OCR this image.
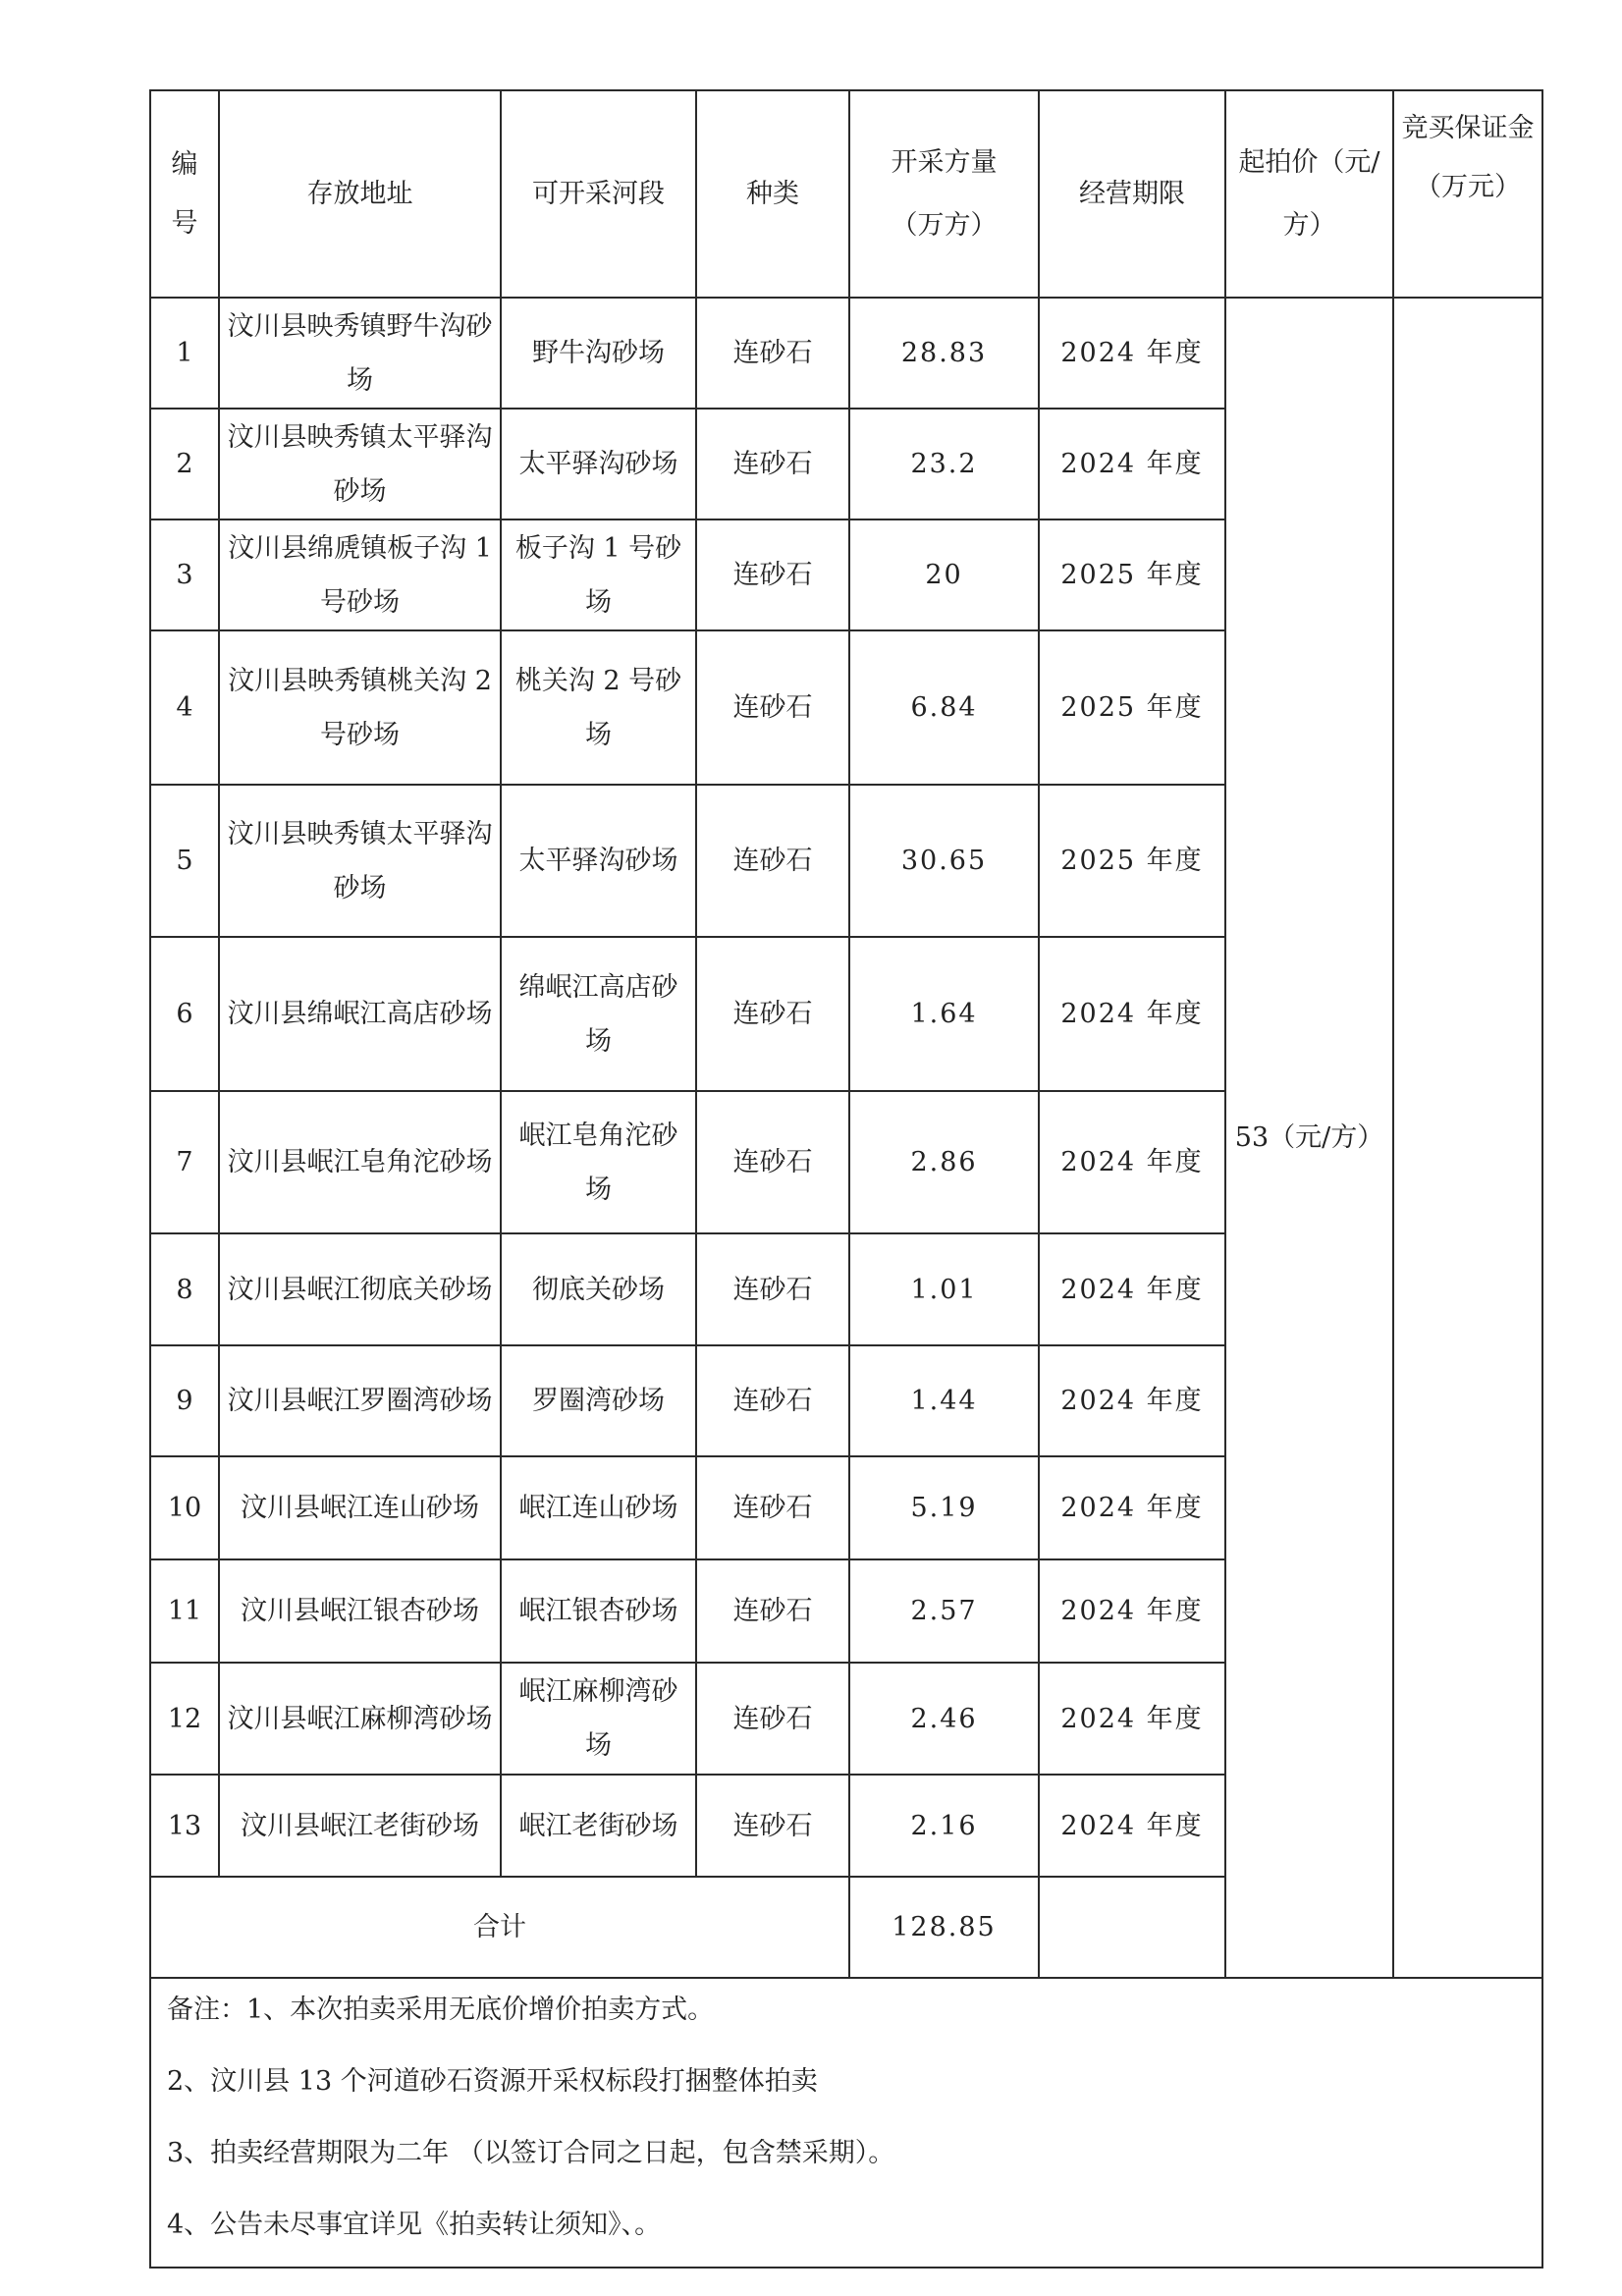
编号	存放地址	可开采河段	种类	开采方量（万方）	经营期限	起拍价（元/方）	竞买保证金（万元）
1	汶川县映秀镇野牛沟砂场	野牛沟砂场	连砂石	28.83	2024 年度	53（元/方）	
2	汶川县映秀镇太平驿沟砂场	太平驿沟砂场	连砂石	23.2	2024 年度		
3	汶川县绵虒镇板子沟 1 号砂场	板子沟 1 号砂场	连砂石	20	2025 年度		
4	汶川县映秀镇桃关沟 2 号砂场	桃关沟 2 号砂场	连砂石	6.84	2025 年度		
5	汶川县映秀镇太平驿沟砂场	太平驿沟砂场	连砂石	30.65	2025 年度		
6	汶川县绵岷江高店砂场	绵岷江高店砂场	连砂石	1.64	2024 年度		
7	汶川县岷江皂角沱砂场	岷江皂角沱砂场	连砂石	2.86	2024 年度		
8	汶川县岷江彻底关砂场	彻底关砂场	连砂石	1.01	2024 年度		
9	汶川县岷江罗圈湾砂场	罗圈湾砂场	连砂石	1.44	2024 年度		
10	汶川县岷江连山砂场	岷江连山砂场	连砂石	5.19	2024 年度		
11	汶川县岷江银杏砂场	岷江银杏砂场	连砂石	2.57	2024 年度		
12	汶川县岷江麻柳湾砂场	岷江麻柳湾砂场	连砂石	2.46	2024 年度		
13	汶川县岷江老街砂场	岷江老街砂场	连砂石	2.16	2024 年度		
合计				128.85			

备注：1、本次拍卖采用无底价增价拍卖方式。
2、汶川县 13 个河道砂石资源开采权标段打捆整体拍卖
3、拍卖经营期限为二年 （以签订合同之日起，包含禁采期）。
4、公告未尽事宜详见《拍卖转让须知》、。							
